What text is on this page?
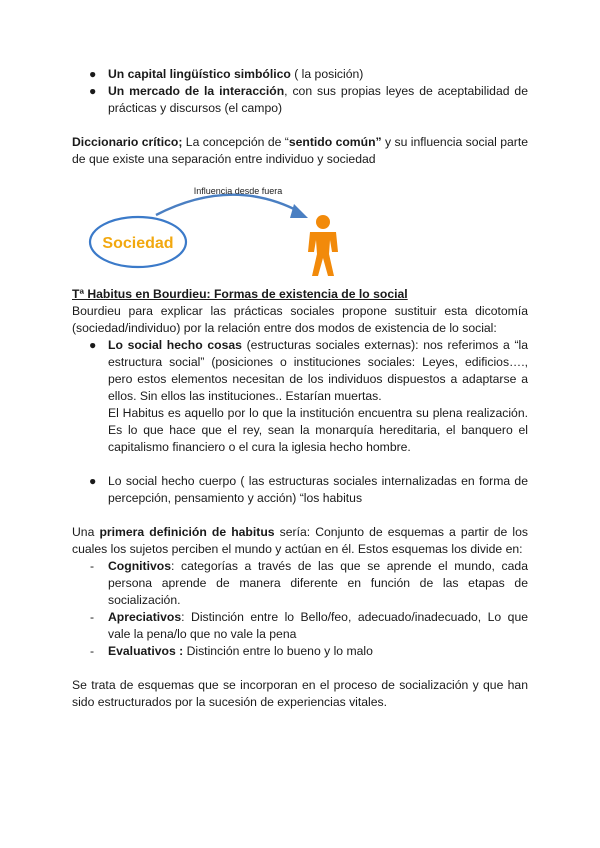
● Un capital lingüístico simbólico ( la posición)
● Un mercado de la interacción, con sus propias leyes de aceptabilidad de prácticas y discursos (el campo)

Diccionario crítico; La concepción de “sentido común” y su influencia social parte de que existe una separación entre individuo y sociedad

Sociedad
Influencia desde fuera

Tª Habitus en Bourdieu: Formas de existencia de lo social

Bourdieu para explicar las prácticas sociales propone sustituir esta dicotomía (sociedad/individuo) por la relación entre dos modos de existencia de lo social:

● Lo social hecho cosas (estructuras sociales externas): nos referimos a “la estructura social” (posiciones o instituciones sociales: Leyes, edificios…., pero estos elementos necesitan de los individuos dispuestos a adaptarse a ellos. Sin ellos las instituciones.. Estarían muertas.
El Habitus es aquello por lo que la institución encuentra su plena realización. Es lo que hace que el rey, sean la monarquía hereditaria, el banquero el capitalismo financiero o el cura la iglesia hecho hombre.
● Lo social hecho cuerpo ( las estructuras sociales internalizadas en forma de percepción, pensamiento y acción) “los habitus

Una primera definición de habitus sería: Conjunto de esquemas a partir de los cuales los sujetos perciben el mundo y actúan en él. Estos esquemas los divide en:

- Cognitivos: categorías a través de las que se aprende el mundo, cada persona aprende de manera diferente en función de las etapas de socialización.
- Apreciativos: Distinción entre lo Bello/feo, adecuado/inadecuado, Lo que vale la pena/lo que no vale la pena
- Evaluativos : Distinción entre lo bueno y lo malo

Se trata de esquemas que se incorporan en el proceso de socialización y que han sido estructurados por la sucesión de experiencias vitales.
